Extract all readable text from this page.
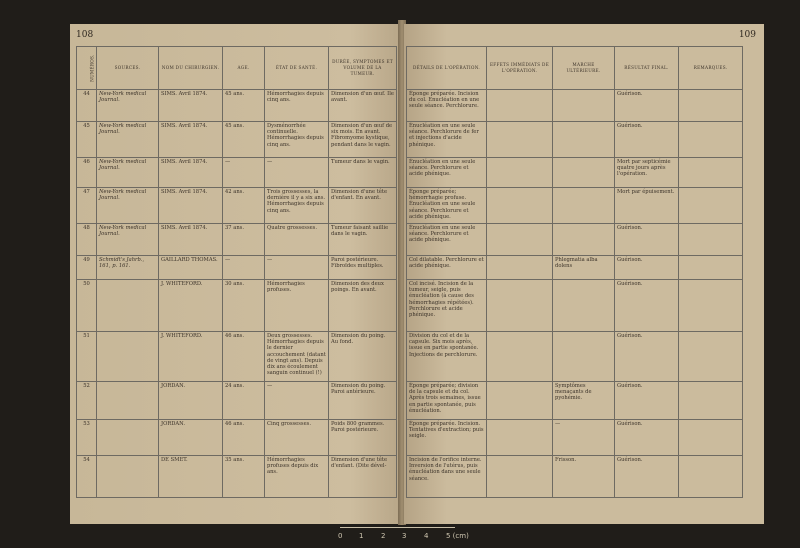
108
NUMÉROS.	SOURCES.	NOM DU CHIRURGIEN.	AGE.	ÉTAT DE SANTÉ.	DURÉE, SYMPTOMES ET VOLUME DE LA TUMEUR.
44	New-York medical Journal.	SIMS. Avril 1874.	45 ans.	Hémorrhagies depuis cinq ans.	Dimension d'un œuf. Ile avant.
45	New-York medical Journal.	SIMS. Avril 1874.	45 ans.	Dysménorrhée continuelle. Hémorrhagies depuis cinq ans.	Dimension d'un œuf de six mois. En avant. Fibromyome kystique, pendant dans le vagin.
46	New-York medical Journal.	SIMS. Avril 1874.	—	—	Tumeur dans le vagin.
47	New-York medical Journal.	SIMS. Avril 1874.	42 ans.	Trois grossesses, la dernière il y a six ans. Hémorrhagies depuis cinq ans.	Dimension d'une tête d'enfant. En avant.
48	New-York medical Journal.	SIMS. Avril 1874.	37 ans.	Quatre grossesses.	Tumeur faisant saillie dans le vagin.
49	Schmidt's Jahrb., 161, p. 161.	GAILLARD THOMAS.	—	—	Paroi postérieure. Fibroïdes multiples.
50		J. WHITEFORD.	30 ans.	Hémorrhagies profuses.	Dimension des deux poings. En avant.
51		J. WHITEFORD.	46 ans.	Deux grossesses. Hémorrhagies depuis le dernier accouchement (datant de vingt ans). Depuis dix ans écoulement sanguin continuel (!)	Dimension du poing. Au fond.
52		JORDAN.	24 ans.	—	Dimension du poing. Paroi antérieure.
53		JORDAN.	46 ans.	Cinq grossesses.	Poids 800 grammes. Paroi postérieure.
54		DE SMET.	35 ans.	Hémorrhagies profuses depuis dix ans.	Dimension d'une tête d'enfant. (Dite dével-
109
DÉTAILS DE L'OPÉRATION.	EFFETS IMMÉDIATS DE L'OPÉRATION.	MARCHE ULTÉRIEURE.	RÉSULTAT FINAL.	REMARQUES.
Éponge préparée. Incision du col. Enucléation en une seule séance. Perchlorure.			Guérison.	
Énucléation en une seule séance. Perchlorure de fer et injections d'acide phénique.			Guérison.	
Énucléation en une seule séance. Perchlorure et acide phénique.			Mort par septicémie quatre jours après l'opération.	
Éponge préparée; hémorrhagie profuse. Énucléation en une seule séance. Perchlorure et acide phénique.			Mort par épuisement.	
Énucléation en une seule séance. Perchlorure et acide phénique.			Guérison.	
Col dilatable. Perchlorure et acide phénique.		Phlegmatia alba dolens	Guérison.	
Col incisé. Incision de la tumeur, seigle, puis énucléation (à cause des hémorrhagies répétées). Perchlorure et acide phénique.			Guérison.	
Division du col et de la capsule. Six mois après, issue en partie spontanée. Injections de perchlorure.			Guérison.	
Éponge préparée; division de la capsule et du col. Après trois semaines, issue en partie spontanée, puis énucléation.		Symptômes menaçants de pyohémie.	Guérison.	
Éponge préparée. Incision. Tentatives d'extraction; puis seigle.		—	Guérison.	
Incision de l'orifice interne. Inversion de l'utérus, puis énucléation dans une seule séance.		Frisson.	Guérison.	
0 1	2 3	4	5 (cm)
